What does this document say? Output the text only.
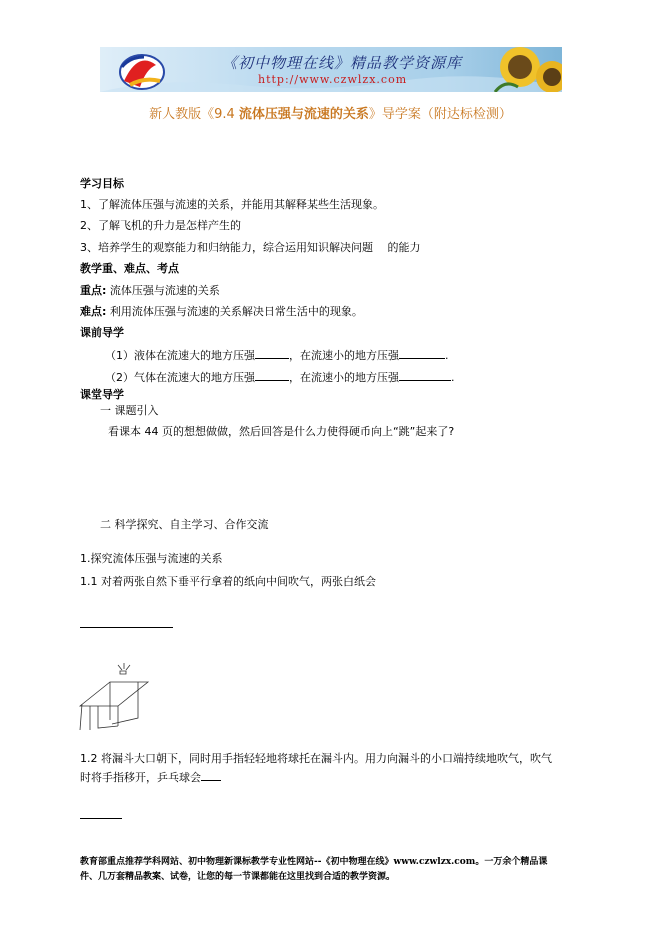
《初中物理在线》精品教学资源库
http://www.czwlzx.com
新人教版《9.4 流体压强与流速的关系》导学案（附达标检测）
学习目标
1、了解流体压强与流速的关系，并能用其解释某些生活现象。
2、了解飞机的升力是怎样产生的
3、培养学生的观察能力和归纳能力，综合运用知识解决问题　 的能力
教学重、难点、考点
重点: 流体压强与流速的关系
难点: 利用流体压强与流速的关系解决日常生活中的现象。
课前导学
（1）液体在流速大的地方压强	，在流速小的地方压强	.
（2）气体在流速大的地方压强	，在流速小的地方压强	.
课堂导学
一 课题引入
看课本 44 页的想想做做，然后回答是什么力使得硬币向上“跳”起来了?
二 科学探究、自主学习、合作交流
1.探究流体压强与流速的关系
1.1 对着两张自然下垂平行拿着的纸向中间吹气，两张白纸会
1.2 将漏斗大口朝下，同时用手指轻轻地将球托在漏斗内。用力向漏斗的小口端持续地吹气，吹气
时将手指移开，乒乓球会
教育部重点推荐学科网站、初中物理新课标教学专业性网站--《初中物理在线》www.czwlzx.com。一万余个精品课
件、几万套精品教案、试卷，让您的每一节课都能在这里找到合适的教学资源。
